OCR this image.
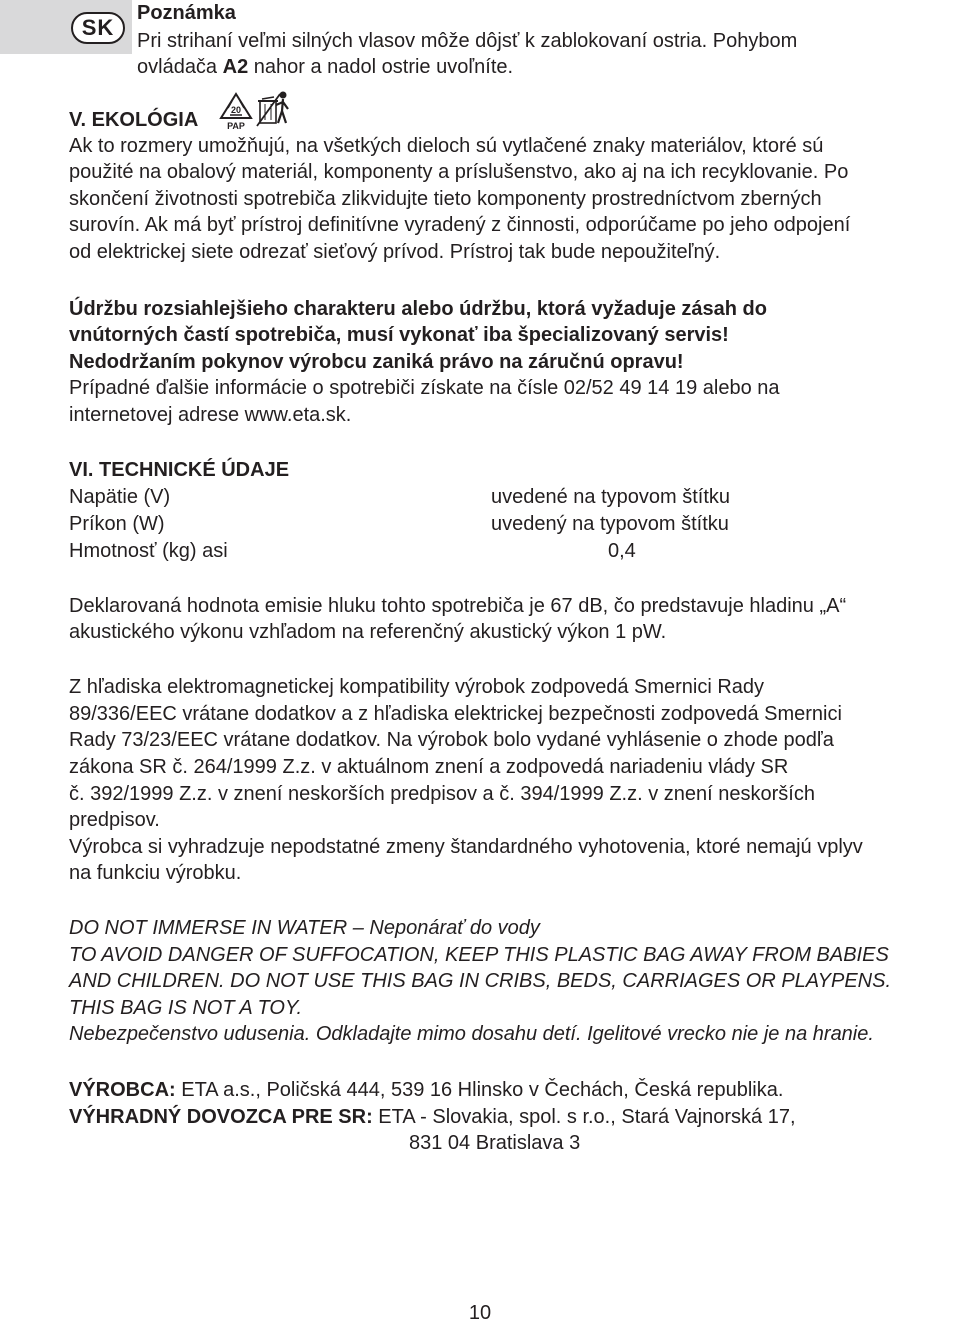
SK
Poznámka
Pri strihaní veľmi silných vlasov môže dôjsť k zablokovaní ostria. Pohybom
ovládača A2 nahor a nadol ostrie uvoľníte.
V. EKOLÓGIA	20
PAP
Ak to rozmery umožňujú, na všetkých dieloch sú vytlačené znaky materiálov, ktoré sú
použité na obalový materiál, komponenty a príslušenstvo, ako aj na ich recyklovanie. Po
skončení životnosti spotrebiča zlikvidujte tieto komponenty prostredníctvom zberných
surovín. Ak má byť prístroj definitívne vyradený z činnosti, odporúčame po jeho odpojení
od elektrickej siete odrezať sieťový prívod. Prístroj tak bude nepoužiteľný.
Údržbu rozsiahlejšieho charakteru alebo údržbu, ktorá vyžaduje zásah do
vnútorných častí spotrebiča, musí vykonať iba špecializovaný servis!
Nedodržaním pokynov výrobcu zaniká právo na záručnú opravu!
Prípadné ďalšie informácie o spotrebiči získate na čísle 02/52 49 14 19 alebo na
internetovej adrese www.eta.sk.
VI. TECHNICKÉ ÚDAJE
Napätie (V)	uvedené na typovom štítku
Príkon (W)	uvedený na typovom štítku
Hmotnosť (kg) asi	0,4
Deklarovaná hodnota emisie hluku tohto spotrebiča je 67 dB, čo predstavuje hladinu „A“
akustického výkonu vzhľadom na referenčný akustický výkon 1 pW.
Z hľadiska elektromagnetickej kompatibility výrobok zodpovedá Smernici Rady
89/336/EEC vrátane dodatkov a z hľadiska elektrickej bezpečnosti zodpovedá Smernici
Rady 73/23/EEC vrátane dodatkov. Na výrobok bolo vydané vyhlásenie o zhode podľa
zákona SR č. 264/1999 Z.z. v aktuálnom znení a zodpovedá nariadeniu vlády SR
č. 392/1999 Z.z. v znení neskorších predpisov a č. 394/1999 Z.z. v znení neskorších
predpisov.
Výrobca si vyhradzuje nepodstatné zmeny štandardného vyhotovenia, ktoré nemajú vplyv
na funkciu výrobku.
DO NOT IMMERSE IN WATER – Neponárať do vody
TO AVOID DANGER OF SUFFOCATION, KEEP THIS PLASTIC BAG AWAY FROM BABIES
AND CHILDREN. DO NOT USE THIS BAG IN CRIBS, BEDS, CARRIAGES OR PLAYPENS.
THIS BAG IS NOT A TOY.
Nebezpečenstvo udusenia. Odkladajte mimo dosahu detí. Igelitové vrecko nie je na hranie.
VÝROBCA: ETA a.s., Poličská 444, 539 16 Hlinsko v Čechách, Česká republika.
VÝHRADNÝ DOVOZCA PRE SR: ETA - Slovakia, spol. s r.o., Stará Vajnorská 17,
831 04 Bratislava 3
10
